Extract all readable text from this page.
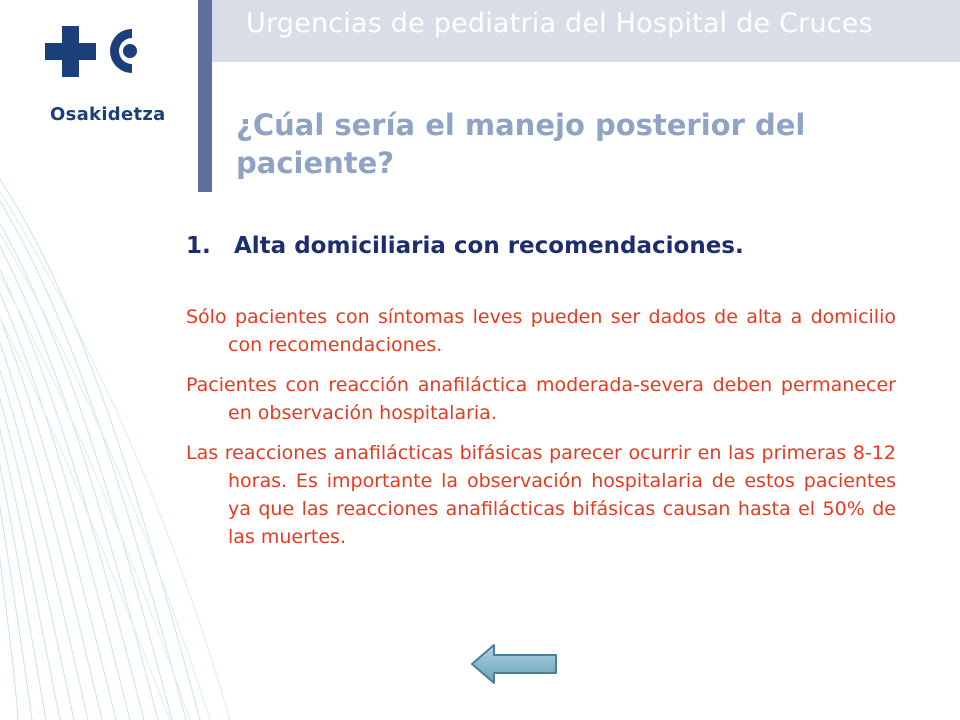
Urgencias de pediatria del Hospital de Cruces
Osakidetza ¿Cúal sería el manejo posterior del paciente?
1.	Alta domiciliaria con recomendaciones.

Sólo pacientes con síntomas leves pueden ser dados de alta a domicilio con recomendaciones.

Pacientes con reacción anafiláctica moderada-severa deben permanecer en observación hospitalaria.

Las reacciones anafilácticas bifásicas parecer ocurrir en las primeras 8-12 horas. Es importante la observación hospitalaria de estos pacientes ya que las reacciones anafilácticas bifásicas causan hasta el 50% de las muertes.
